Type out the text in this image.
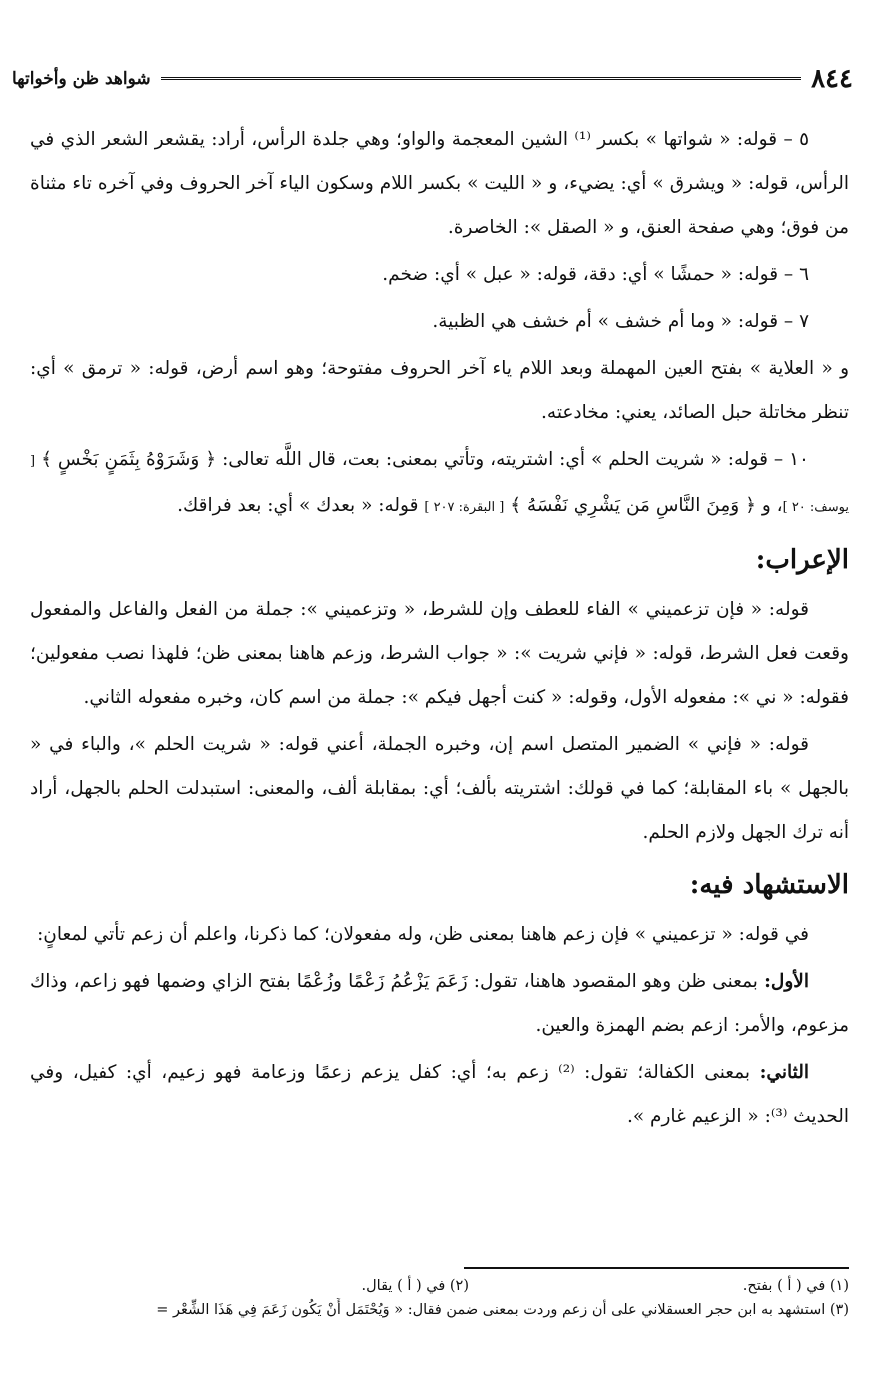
٨٤٤
شواهد ظن وأخواتها

٥ – قوله: « شواتها » بكسر ⁽¹⁾ الشين المعجمة والواو؛ وهي جلدة الرأس، أراد: يقشعر الشعر الذي في الرأس، قوله: « ويشرق » أي: يضيء، و « الليت » بكسر اللام وسكون الياء آخر الحروف وفي آخره تاء مثناة من فوق؛ وهي صفحة العنق، و « الصقل »: الخاصرة.

٦ – قوله: « حمشًا » أي: دقة، قوله: « عبل » أي: ضخم.

٧ – قوله: « وما أم خشف » أم خشف هي الظبية.

و « العلاية » بفتح العين المهملة وبعد اللام ياء آخر الحروف مفتوحة؛ وهو اسم أرض، قوله: « ترمق » أي: تنظر مخاتلة حبل الصائد، يعني: مخادعته.

١٠ – قوله: « شريت الحلم » أي: اشتريته، وتأتي بمعنى: بعت، قال اللَّه تعالى: ﴿ وَشَرَوْهُ بِثَمَنٍ بَخْسٍ ﴾ [ يوسف: ٢٠ ]، و ﴿ وَمِنَ النَّاسِ مَن يَشْرِي نَفْسَهُ ﴾ [ البقرة: ٢٠٧ ] قوله: « بعدك » أي: بعد فراقك.

الإعراب:

قوله: « فإن تزعميني » الفاء للعطف وإن للشرط، « وتزعميني »: جملة من الفعل والفاعل والمفعول وقعت فعل الشرط، قوله: « فإني شريت »: « جواب الشرط، وزعم هاهنا بمعنى ظن؛ فلهذا نصب مفعولين؛ فقوله: « ني »: مفعوله الأول، وقوله: « كنت أجهل فيكم »: جملة من اسم كان، وخبره مفعوله الثاني.

قوله: « فإني » الضمير المتصل اسم إن، وخبره الجملة، أعني قوله: « شريت الحلم »، والباء في « بالجهل » باء المقابلة؛ كما في قولك: اشتريته بألف؛ أي: بمقابلة ألف، والمعنى: استبدلت الحلم بالجهل، أراد أنه ترك الجهل ولازم الحلم.

الاستشهاد فيه:

في قوله: « تزعميني » فإن زعم هاهنا بمعنى ظن، وله مفعولان؛ كما ذكرنا، واعلم أن زعم تأتي لمعانٍ:

الأول: بمعنى ظن وهو المقصود هاهنا، تقول: زَعَمَ يَزْعُمُ زَعْمًا وزُعْمًا بفتح الزاي وضمها فهو زاعم، وذاك مزعوم، والأمر: ازعم بضم الهمزة والعين.

الثاني: بمعنى الكفالة؛ تقول: ⁽²⁾ زعم به؛ أي: كفل يزعم زعمًا وزعامة فهو زعيم، أي: كفيل، وفي الحديث ⁽³⁾: « الزعيم غارم ».

(١) في ( أ ) بفتح.
(٢) في ( أ ) يقال.
(٣) استشهد به ابن حجر العسقلاني على أن زعم وردت بمعنى ضمن فقال: « وَيُحْتَمَل أَنْ يَكُون زَعَمَ فِي هَذَا الشِّعْر =
